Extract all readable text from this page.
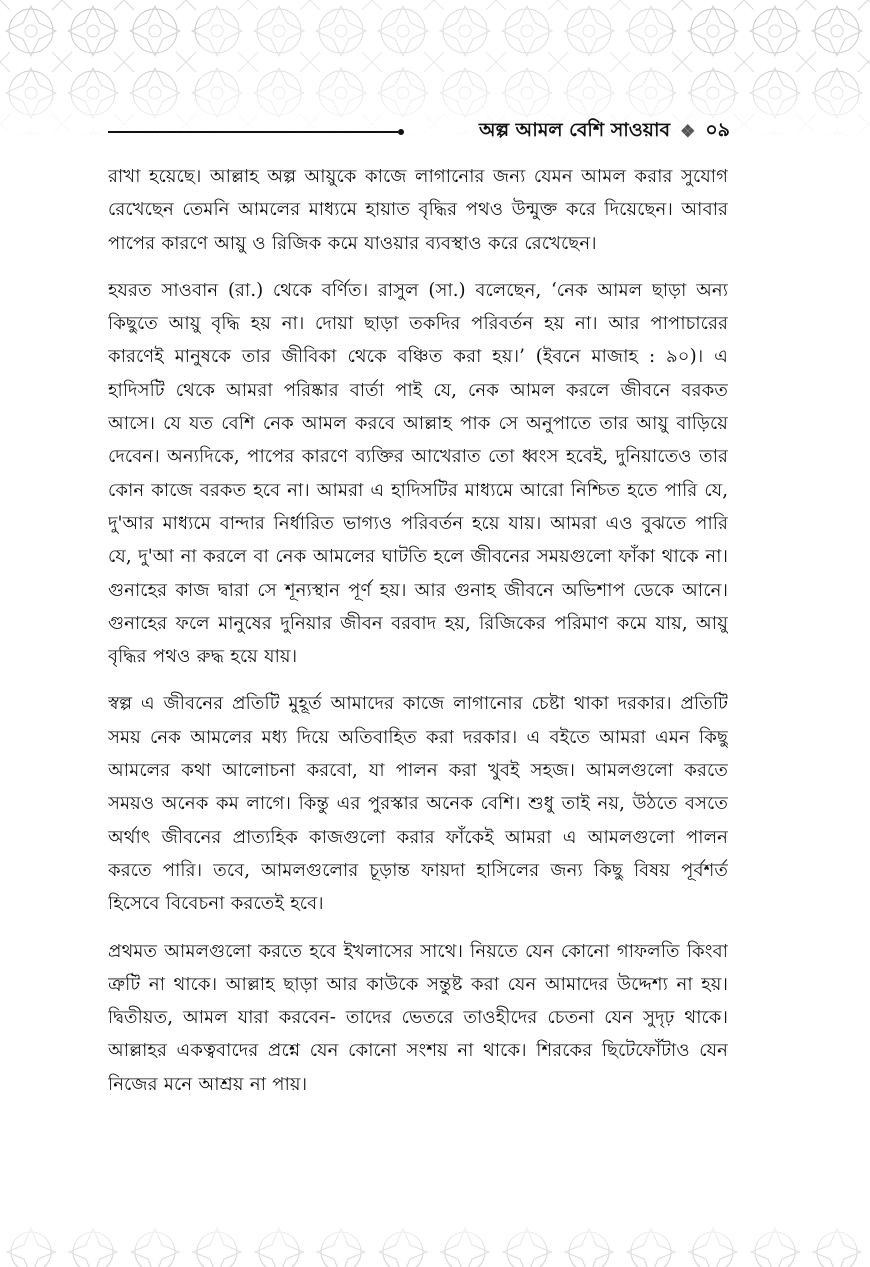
অল্প আমল বেশি সাওয়াব ❖ ০৯

রাখা হয়েছে। আল্লাহ অল্প আয়ুকে কাজে লাগানোর জন্য যেমন আমল করার সুযোগ রেখেছেন তেমনি আমলের মাধ্যমে হায়াত বৃদ্ধির পথও উন্মুক্ত করে দিয়েছেন। আবার পাপের কারণে আয়ু ও রিজিক কমে যাওয়ার ব্যবস্থাও করে রেখেছেন।

হযরত সাওবান (রা.) থেকে বর্ণিত। রাসুল (সা.) বলেছেন, ‘নেক আমল ছাড়া অন্য কিছুতে আয়ু বৃদ্ধি হয় না। দোয়া ছাড়া তকদির পরিবর্তন হয় না। আর পাপাচারের কারণেই মানুষকে তার জীবিকা থেকে বঞ্চিত করা হয়।’ (ইবনে মাজাহ : ৯০)। এ হাদিসটি থেকে আমরা পরিষ্কার বার্তা পাই যে, নেক আমল করলে জীবনে বরকত আসে। যে যত বেশি নেক আমল করবে আল্লাহ পাক সে অনুপাতে তার আয়ু বাড়িয়ে দেবেন। অন্যদিকে, পাপের কারণে ব্যক্তির আখেরাত তো ধ্বংস হবেই, দুনিয়াতেও তার কোন কাজে বরকত হবে না। আমরা এ হাদিসটির মাধ্যমে আরো নিশ্চিত হতে পারি যে, দু'আর মাধ্যমে বান্দার নির্ধারিত ভাগ্যও পরিবর্তন হয়ে যায়। আমরা এও বুঝতে পারি যে, দু'আ না করলে বা নেক আমলের ঘাটতি হলে জীবনের সময়গুলো ফাঁকা থাকে না। গুনাহের কাজ দ্বারা সে শূন্যস্থান পূর্ণ হয়। আর গুনাহ জীবনে অভিশাপ ডেকে আনে। গুনাহের ফলে মানুষের দুনিয়ার জীবন বরবাদ হয়, রিজিকের পরিমাণ কমে যায়, আয়ু বৃদ্ধির পথও রুদ্ধ হয়ে যায়।

স্বল্প এ জীবনের প্রতিটি মুহূর্ত আমাদের কাজে লাগানোর চেষ্টা থাকা দরকার। প্রতিটি সময় নেক আমলের মধ্য দিয়ে অতিবাহিত করা দরকার। এ বইতে আমরা এমন কিছু আমলের কথা আলোচনা করবো, যা পালন করা খুবই সহজ। আমলগুলো করতে সময়ও অনেক কম লাগে। কিন্তু এর পুরস্কার অনেক বেশি। শুধু তাই নয়, উঠতে বসতে অর্থাৎ জীবনের প্রাত্যহিক কাজগুলো করার ফাঁকেই আমরা এ আমলগুলো পালন করতে পারি। তবে, আমলগুলোর চূড়ান্ত ফায়দা হাসিলের জন্য কিছু বিষয় পূর্বশর্ত হিসেবে বিবেচনা করতেই হবে।

প্রথমত আমলগুলো করতে হবে ইখলাসের সাথে। নিয়তে যেন কোনো গাফলতি কিংবা ত্রুটি না থাকে। আল্লাহ ছাড়া আর কাউকে সন্তুষ্ট করা যেন আমাদের উদ্দেশ্য না হয়। দ্বিতীয়ত, আমল যারা করবেন- তাদের ভেতরে তাওহীদের চেতনা যেন সুদৃঢ় থাকে। আল্লাহর একত্ববাদের প্রশ্নে যেন কোনো সংশয় না থাকে। শিরকের ছিটেফোঁটাও যেন নিজের মনে আশ্রয় না পায়।
